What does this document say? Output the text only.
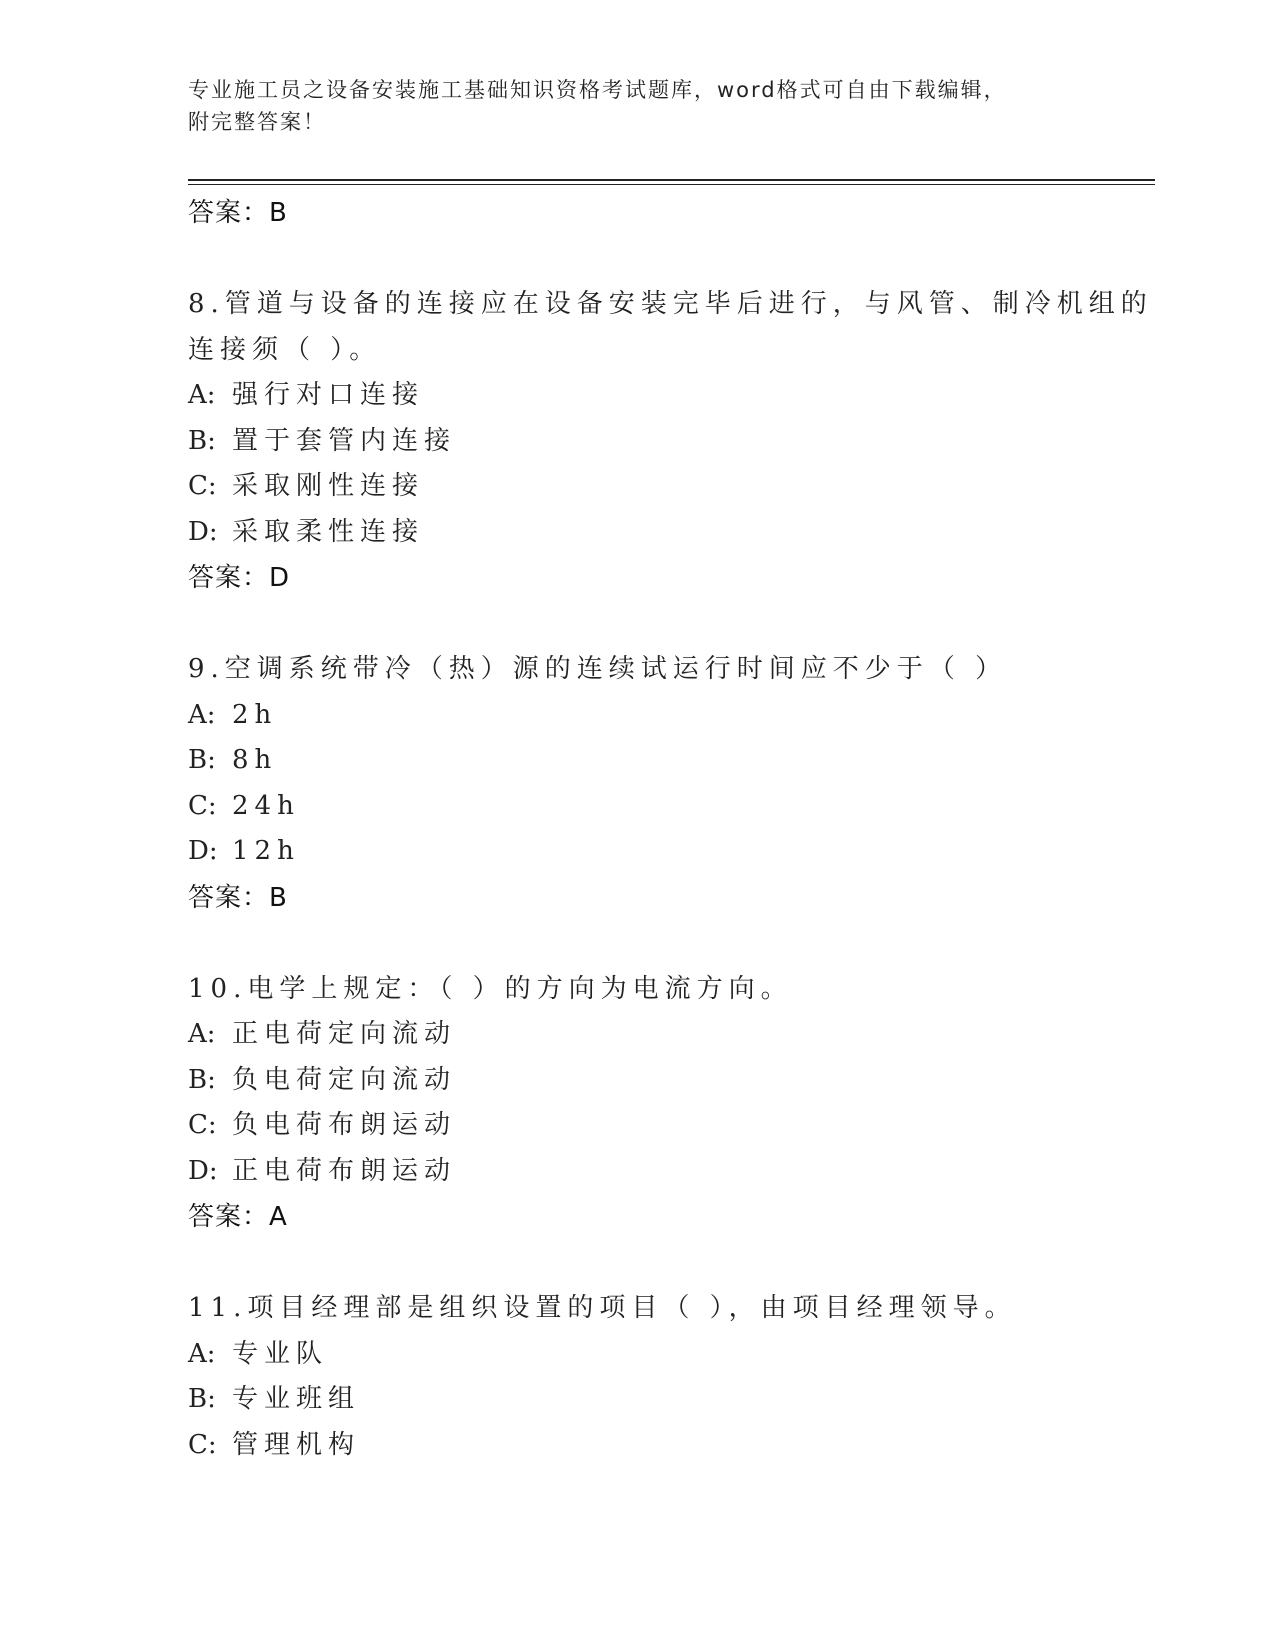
专业施工员之设备安装施工基础知识资格考试题库，word格式可自由下载编辑，
附完整答案！
答案：B
8.管道与设备的连接应在设备安装完毕后进行，与风管、制冷机组的
连接须（ ）。
A: 强行对口连接
B: 置于套管内连接
C: 采取刚性连接
D: 采取柔性连接
答案：D
9.空调系统带冷（热）源的连续试运行时间应不少于（ ）
A: 2h
B: 8h
C: 24h
D: 12h
答案：B
10.电学上规定：（ ）的方向为电流方向。
A: 正电荷定向流动
B: 负电荷定向流动
C: 负电荷布朗运动
D: 正电荷布朗运动
答案：A
11.项目经理部是组织设置的项目（ ），由项目经理领导。
A: 专业队
B: 专业班组
C: 管理机构
